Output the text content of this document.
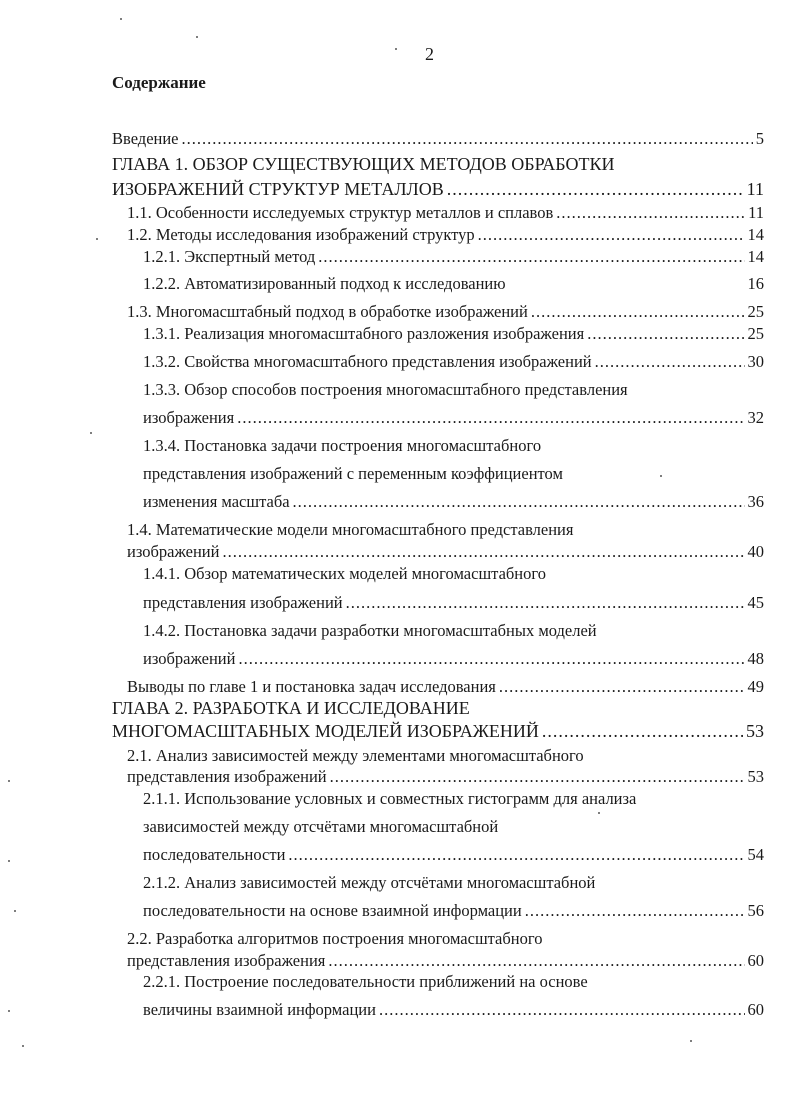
2
Содержание
Введение .....	5
ГЛАВА 1. ОБЗОР СУЩЕСТВУЮЩИХ МЕТОДОВ ОБРАБОТКИ
ИЗОБРАЖЕНИЙ СТРУКТУР МЕТАЛЛОВ .....	11
1.1. Особенности исследуемых структур металлов и сплавов .....	11
1.2. Методы исследования изображений структур .....	14
1.2.1. Экспертный метод .....	14
1.2.2. Автоматизированный подход к исследованию	16
1.3. Многомасштабный подход в обработке изображений .....	25
1.3.1. Реализация многомасштабного разложения изображения .....	25
1.3.2. Свойства многомасштабного представления изображений .....	30
1.3.3. Обзор способов построения многомасштабного представления
изображения .....	32
1.3.4. Постановка задачи построения многомасштабного
представления изображений с переменным коэффициентом
изменения масштаба .....	36
1.4. Математические модели многомасштабного представления
изображений .....	40
1.4.1. Обзор математических моделей многомасштабного
представления изображений .....	45
1.4.2. Постановка задачи разработки многомасштабных моделей
изображений .....	48
Выводы по главе 1 и постановка задач исследования .....	49
ГЛАВА 2. РАЗРАБОТКА И ИССЛЕДОВАНИЕ
МНОГОМАСШТАБНЫХ МОДЕЛЕЙ ИЗОБРАЖЕНИЙ .....	53
2.1. Анализ зависимостей между элементами многомасштабного
представления изображений .....	53
2.1.1. Использование условных и совместных гистограмм для анализа
зависимостей между отсчётами многомасштабной
последовательности .....	54
2.1.2. Анализ зависимостей между отсчётами многомасштабной
последовательности на основе взаимной информации .....	56
2.2. Разработка алгоритмов построения многомасштабного
представления изображения .....	60
2.2.1. Построение последовательности приближений на основе
величины взаимной информации .....	60
